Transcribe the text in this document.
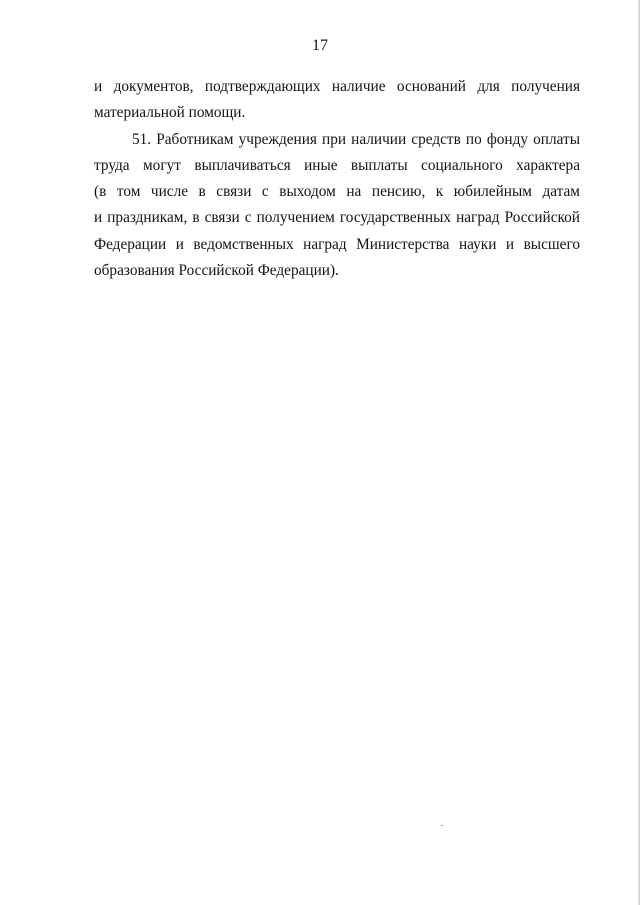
17
и документов, подтверждающих наличие оснований для получения
материальной помощи.
51. Работникам учреждения при наличии средств по фонду оплаты
труда могут выплачиваться иные выплаты социального характера
(в том числе в связи с выходом на пенсию, к юбилейным датам
и праздникам, в связи с получением государственных наград Российской
Федерации и ведомственных наград Министерства науки и высшего
образования Российской Федерации).
